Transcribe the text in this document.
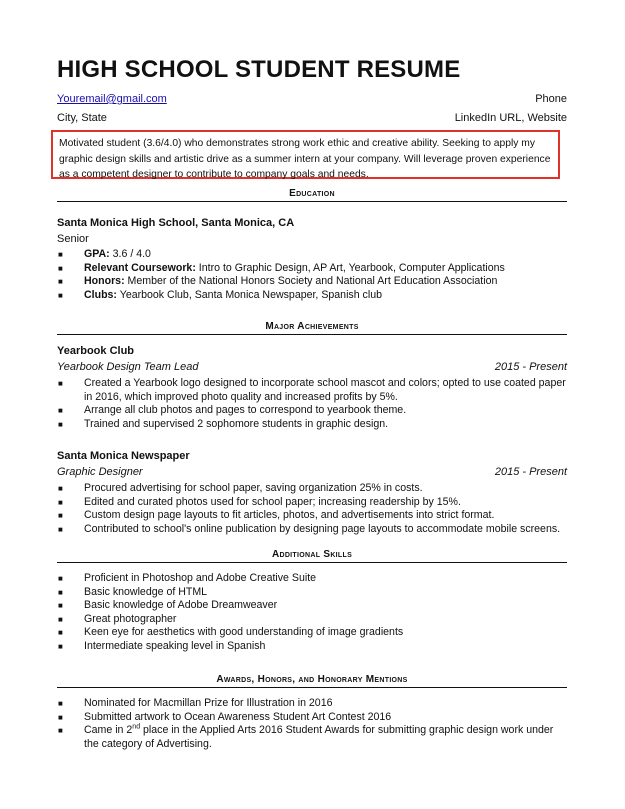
HIGH SCHOOL STUDENT RESUME
Youremail@gmail.com	Phone
City, State	LinkedIn URL, Website
Motivated student (3.6/4.0) who demonstrates strong work ethic and creative ability. Seeking to apply my graphic design skills and artistic drive as a summer intern at your company. Will leverage proven experience as a competent designer to contribute to company goals and needs.
Education
Santa Monica High School, Santa Monica, CA
Senior
■ GPA: 3.6 / 4.0
■ Relevant Coursework: Intro to Graphic Design, AP Art, Yearbook, Computer Applications
■ Honors: Member of the National Honors Society and National Art Education Association
■ Clubs: Yearbook Club, Santa Monica Newspaper, Spanish club
Major Achievements
Yearbook Club
Yearbook Design Team Lead	2015 - Present
■ Created a Yearbook logo designed to incorporate school mascot and colors; opted to use coated paper in 2016, which improved photo quality and increased profits by 5%.
■ Arrange all club photos and pages to correspond to yearbook theme.
■ Trained and supervised 2 sophomore students in graphic design.
Santa Monica Newspaper
Graphic Designer	2015 - Present
■ Procured advertising for school paper, saving organization 25% in costs.
■ Edited and curated photos used for school paper; increasing readership by 15%.
■ Custom design page layouts to fit articles, photos, and advertisements into strict format.
■ Contributed to school's online publication by designing page layouts to accommodate mobile screens.
Additional Skills
■ Proficient in Photoshop and Adobe Creative Suite
■ Basic knowledge of HTML
■ Basic knowledge of Adobe Dreamweaver
■ Great photographer
■ Keen eye for aesthetics with good understanding of image gradients
■ Intermediate speaking level in Spanish
Awards, Honors, and Honorary Mentions
■ Nominated for Macmillan Prize for Illustration in 2016
■ Submitted artwork to Ocean Awareness Student Art Contest 2016
■ Came in 2nd place in the Applied Arts 2016 Student Awards for submitting graphic design work under the category of Advertising.
